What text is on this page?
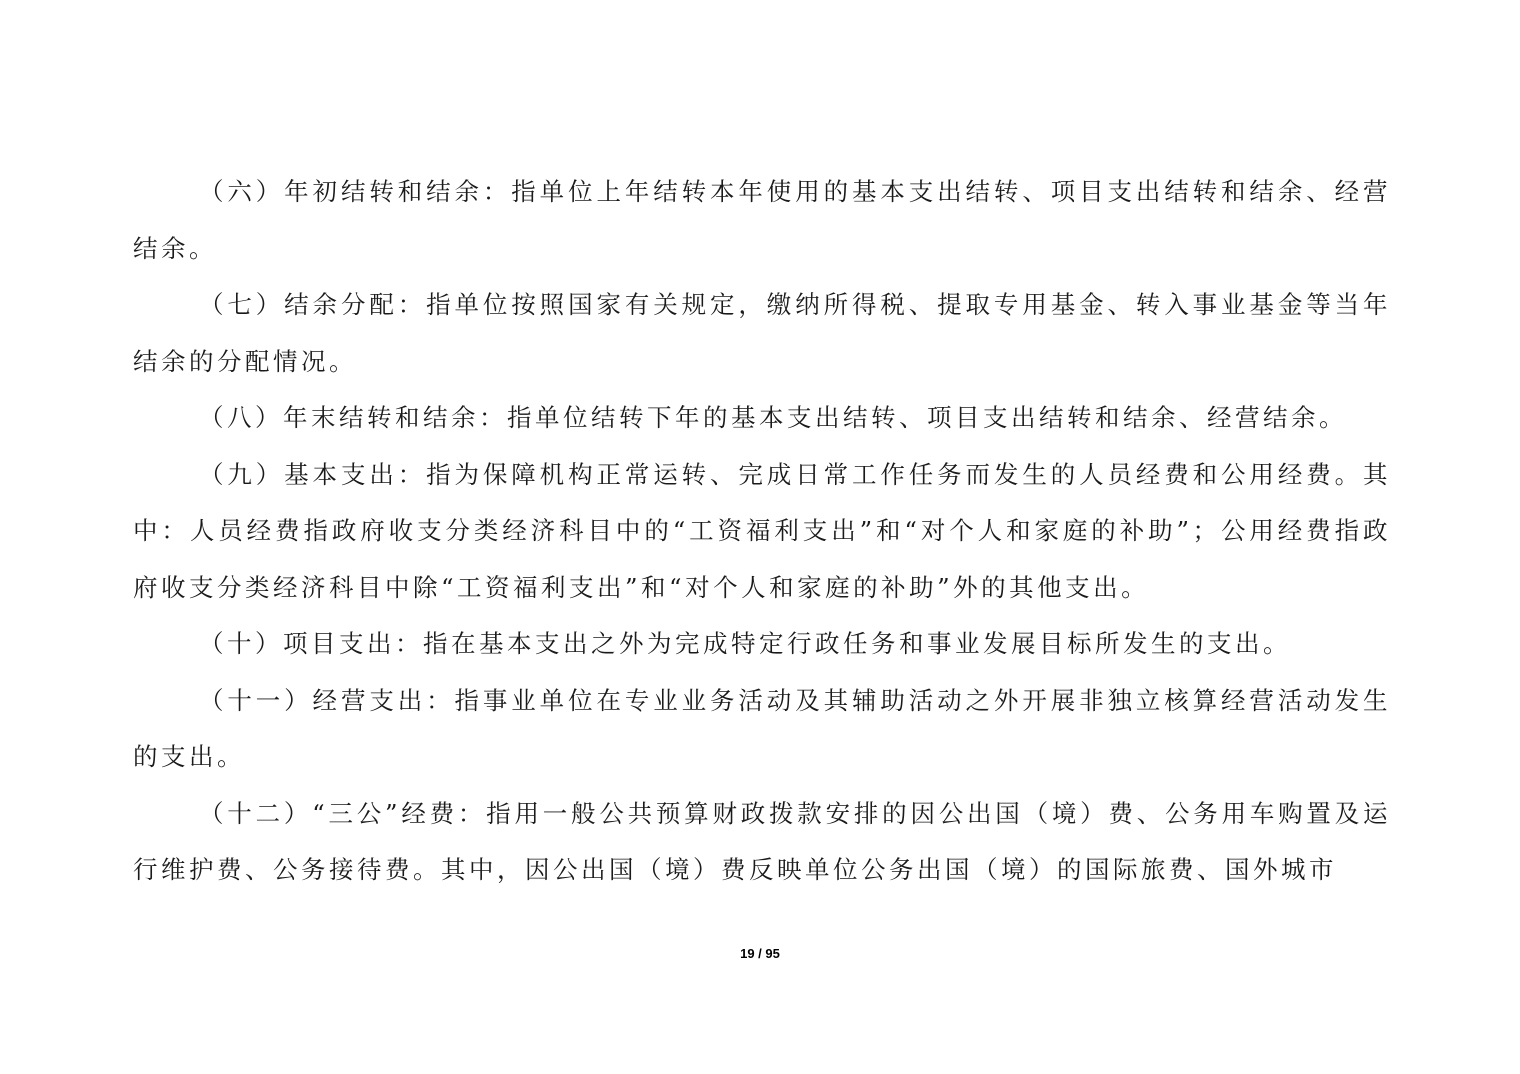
（六）年初结转和结余：指单位上年结转本年使用的基本支出结转、项目支出结转和结余、经营结余。

（七）结余分配：指单位按照国家有关规定，缴纳所得税、提取专用基金、转入事业基金等当年结余的分配情况。

（八）年末结转和结余：指单位结转下年的基本支出结转、项目支出结转和结余、经营结余。

（九）基本支出：指为保障机构正常运转、完成日常工作任务而发生的人员经费和公用经费。其中：人员经费指政府收支分类经济科目中的“工资福利支出”和“对个人和家庭的补助”；公用经费指政府收支分类经济科目中除“工资福利支出”和“对个人和家庭的补助”外的其他支出。

（十）项目支出：指在基本支出之外为完成特定行政任务和事业发展目标所发生的支出。

（十一）经营支出：指事业单位在专业业务活动及其辅助活动之外开展非独立核算经营活动发生的支出。

（十二）“三公”经费：指用一般公共预算财政拨款安排的因公出国（境）费、公务用车购置及运行维护费、公务接待费。其中，因公出国（境）费反映单位公务出国（境）的国际旅费、国外城市

19 / 95
